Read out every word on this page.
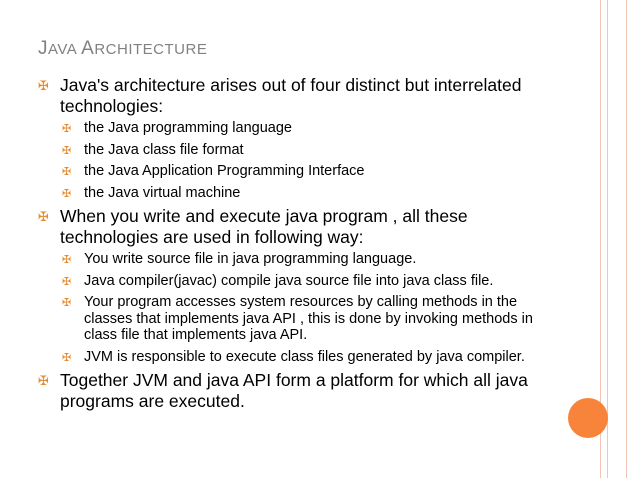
JAVA ARCHITECTURE
✠ Java's architecture arises out of four distinct but interrelated technologies:
✠ the Java programming language
✠ the Java class file format
✠ the Java Application Programming Interface
✠ the Java virtual machine
✠ When you write and execute java program , all these technologies are used in following way:
✠ You write source file in java programming language.
✠ Java compiler(javac) compile java source file into java class file.
✠ Your program accesses system resources by calling methods in the classes that implements java API , this is done by invoking methods in class file that implements java API.
✠ JVM is responsible to execute class files generated by java compiler.
✠ Together JVM and java API form a platform for which all java programs are executed.
